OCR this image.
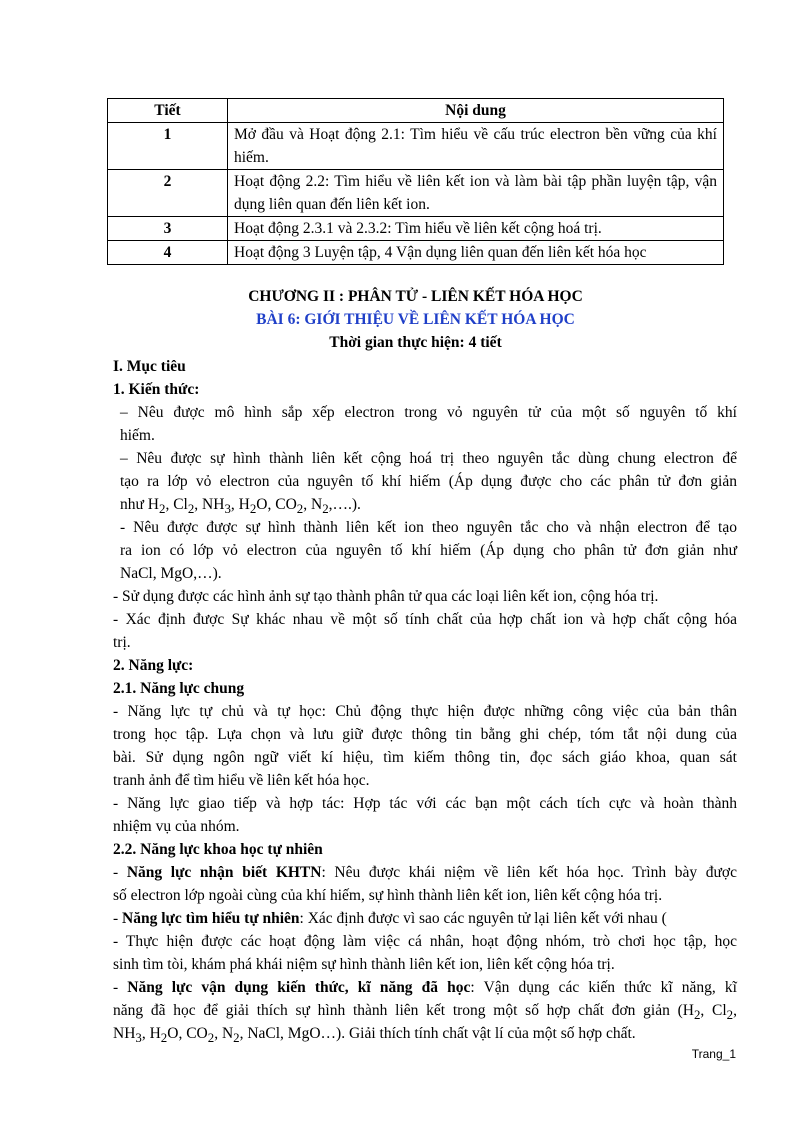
Tiết	Nội dung
1	Mở đầu và Hoạt động 2.1: Tìm hiểu về cấu trúc electron bền vững của khí hiếm.
2	Hoạt động 2.2: Tìm hiểu về liên kết ion và làm bài tập phần luyện tập, vận dụng liên quan đến liên kết ion.
3	Hoạt động 2.3.1 và 2.3.2: Tìm hiểu về liên kết cộng hoá trị.
4	Hoạt động 3 Luyện tập, 4 Vận dụng liên quan đến liên kết hóa học
CHƯƠNG II : PHÂN TỬ - LIÊN KẾT HÓA HỌC
BÀI 6: GIỚI THIỆU VỀ LIÊN KẾT HÓA HỌC
Thời gian thực hiện: 4 tiết
I. Mục tiêu
1. Kiến thức:
– Nêu được mô hình sắp xếp electron trong vỏ nguyên tử của một số nguyên tố khí
hiếm.
– Nêu được sự hình thành liên kết cộng hoá trị theo nguyên tắc dùng chung electron để
tạo ra lớp vỏ electron của nguyên tố khí hiếm (Áp dụng được cho các phân tử đơn giản
như $H_2$, $Cl_2$, $NH_3$, $H_2O$, $CO_2$, $N_2,\dots$.).
- Nêu được được sự hình thành liên kết ion theo nguyên tắc cho và nhận electron để tạo
ra ion có lớp vỏ electron của nguyên tố khí hiếm (Áp dụng cho phân tử đơn giản như
NaCl, MgO,…).
- Sử dụng được các hình ảnh sự tạo thành phân tử qua các loại liên kết ion, cộng hóa trị.
- Xác định được Sự khác nhau về một số tính chất của hợp chất ion và hợp chất cộng hóa
trị.
2. Năng lực:
2.1. Năng lực chung
- Năng lực tự chủ và tự học: Chủ động thực hiện được những công việc của bản thân
trong học tập. Lựa chọn và lưu giữ được thông tin bằng ghi chép, tóm tắt nội dung của
bài. Sử dụng ngôn ngữ viết kí hiệu, tìm kiếm thông tin, đọc sách giáo khoa, quan sát
tranh ảnh để tìm hiểu về liên kết hóa học.
- Năng lực giao tiếp và hợp tác: Hợp tác với các bạn một cách tích cực và hoàn thành
nhiệm vụ của nhóm.
2.2. Năng lực khoa học tự nhiên
- Năng lực nhận biết KHTN: Nêu được khái niệm về liên kết hóa học. Trình bày được
số electron lớp ngoài cùng của khí hiếm, sự hình thành liên kết ion, liên kết cộng hóa trị.
- Năng lực tìm hiểu tự nhiên: Xác định được vì sao các nguyên tử lại liên kết với nhau (
- Thực hiện được các hoạt động làm việc cá nhân, hoạt động nhóm, trò chơi học tập, học
sinh tìm tòi, khám phá khái niệm sự hình thành liên kết ion, liên kết cộng hóa trị.
- Năng lực vận dụng kiến thức, kĩ năng đã học: Vận dụng các kiến thức kĩ năng, kĩ
năng đã học để giải thích sự hình thành liên kết trong một số hợp chất đơn giản ($H_2$, $Cl_2$,
$NH_3$, $H_2O$, $CO_2$, $N_2$, NaCl, MgO…). Giải thích tính chất vật lí của một số hợp chất.
Trang_1
